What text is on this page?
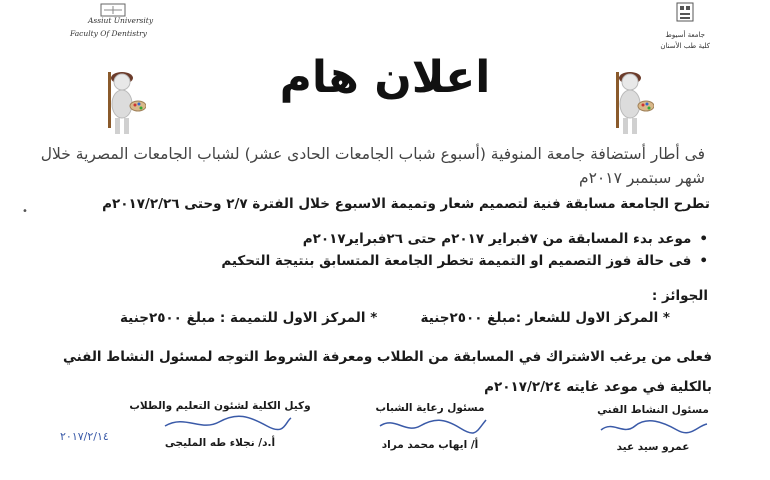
Assiut University
Faculty Of Dentistry	جامعة أسيوط
كلية طب الأسنان
اعلان هام
فى أطار أستضافة جامعة المنوفية (أسبوع شباب الجامعات الحادى عشر) لشباب الجامعات المصرية خلال شهر سبتمبر ٢٠١٧م
•	تطرح الجامعة مسابقة فنية لتصميم شعار وتميمة الاسبوع خلال الفترة ٢/٧ وحتى ٢٠١٧/٢/٢٦م
• موعد بدء المسابقة من ٧فبراير ٢٠١٧م حتى ٢٦فبراير٢٠١٧م
• فى حالة فوز التصميم او التميمة تخطر الجامعة المتسابق بنتيجة التحكيم
الجوائز :
* المركز الاول للشعار :مبلغ ٢٥٠٠جنية
* المركز الاول للتميمة : مبلغ ٢٥٠٠جنية
فعلى من يرغب الاشتراك في المسابقة من الطلاب ومعرفة الشروط التوجه لمسئول النشاط الفني بالكلية في موعد غايته ٢٠١٧/٢/٢٤م
مسئول النشاط الفني
عمرو سيد عيد
مسئول رعاية الشباب
أ/ ايهاب محمد مراد
وكيل الكلية لشئون التعليم والطلاب
أ.د/ نجلاء طه المليجى
٢٠١٧/٢/١٤
